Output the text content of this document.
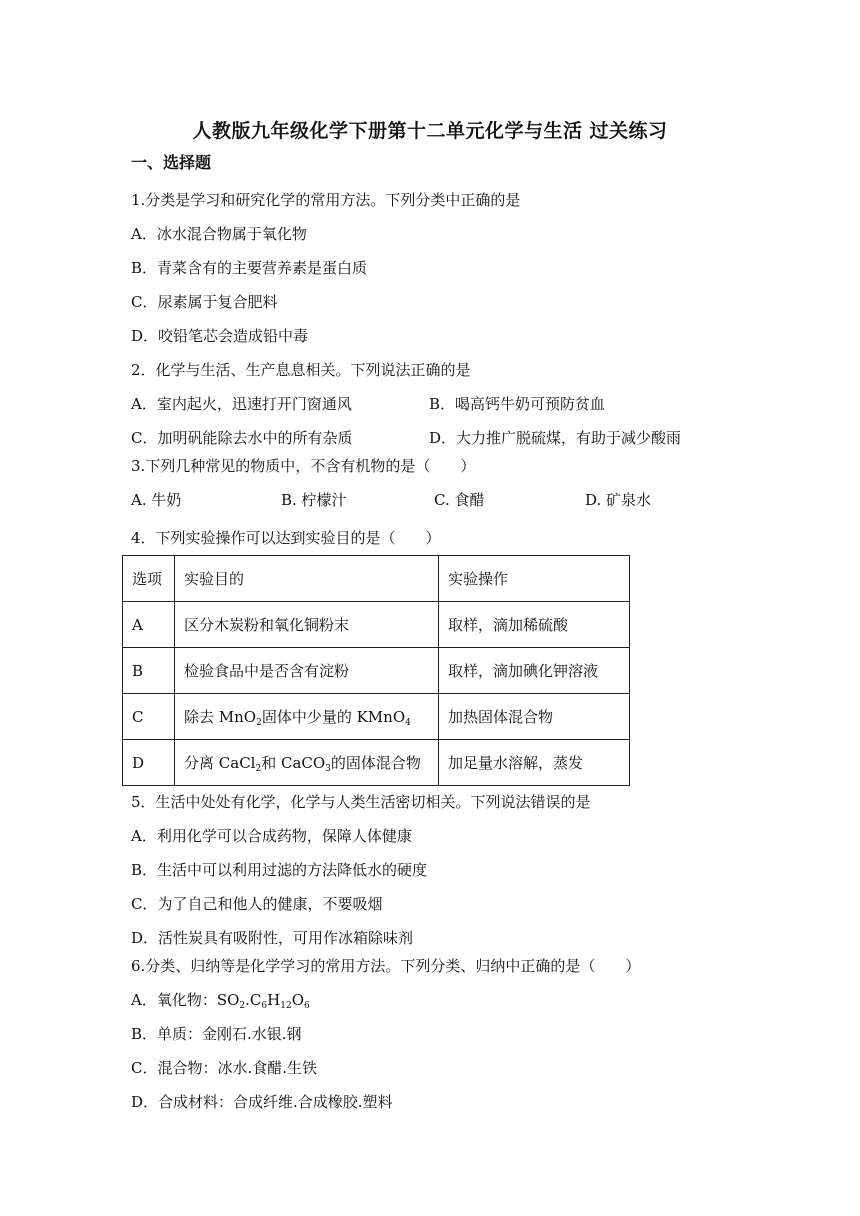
人教版九年级化学下册第十二单元化学与生活 过关练习
一、选择题
1.分类是学习和研究化学的常用方法。下列分类中正确的是
A．冰水混合物属于氧化物
B．青菜含有的主要营养素是蛋白质
C．尿素属于复合肥料
D．咬铅笔芯会造成铅中毒
2．化学与生活、生产息息相关。下列说法正确的是
A．室内起火，迅速打开门窗通风	B．喝高钙牛奶可预防贫血
C．加明矾能除去水中的所有杂质	D．大力推广脱硫煤，有助于减少酸雨
3.下列几种常见的物质中，不含有机物的是（　　）
A. 牛奶	B. 柠檬汁	C. 食醋	D. 矿泉水
4．下列实验操作可以达到实验目的是（　　）
选项	实验目的	实验操作
A	区分木炭粉和氧化铜粉末	取样，滴加稀硫酸
B	检验食品中是否含有淀粉	取样，滴加碘化钾溶液
C	除去 MnO$_2$固体中少量的 KMnO$_4$	加热固体混合物
D	分离 CaCl$_2$和 CaCO$_3$的固体混合物	加足量水溶解，蒸发
5．生活中处处有化学，化学与人类生活密切相关。下列说法错误的是
A．利用化学可以合成药物，保障人体健康
B．生活中可以利用过滤的方法降低水的硬度
C．为了自己和他人的健康，不要吸烟
D．活性炭具有吸附性，可用作冰箱除味剂
6.分类、归纳等是化学学习的常用方法。下列分类、归纳中正确的是（　　）
A．氧化物：$SO_2.C_6H_{12}O_6$
B．单质：金刚石.水银.钢
C．混合物：冰水.食醋.生铁
D．合成材料：合成纤维.合成橡胶.塑料
